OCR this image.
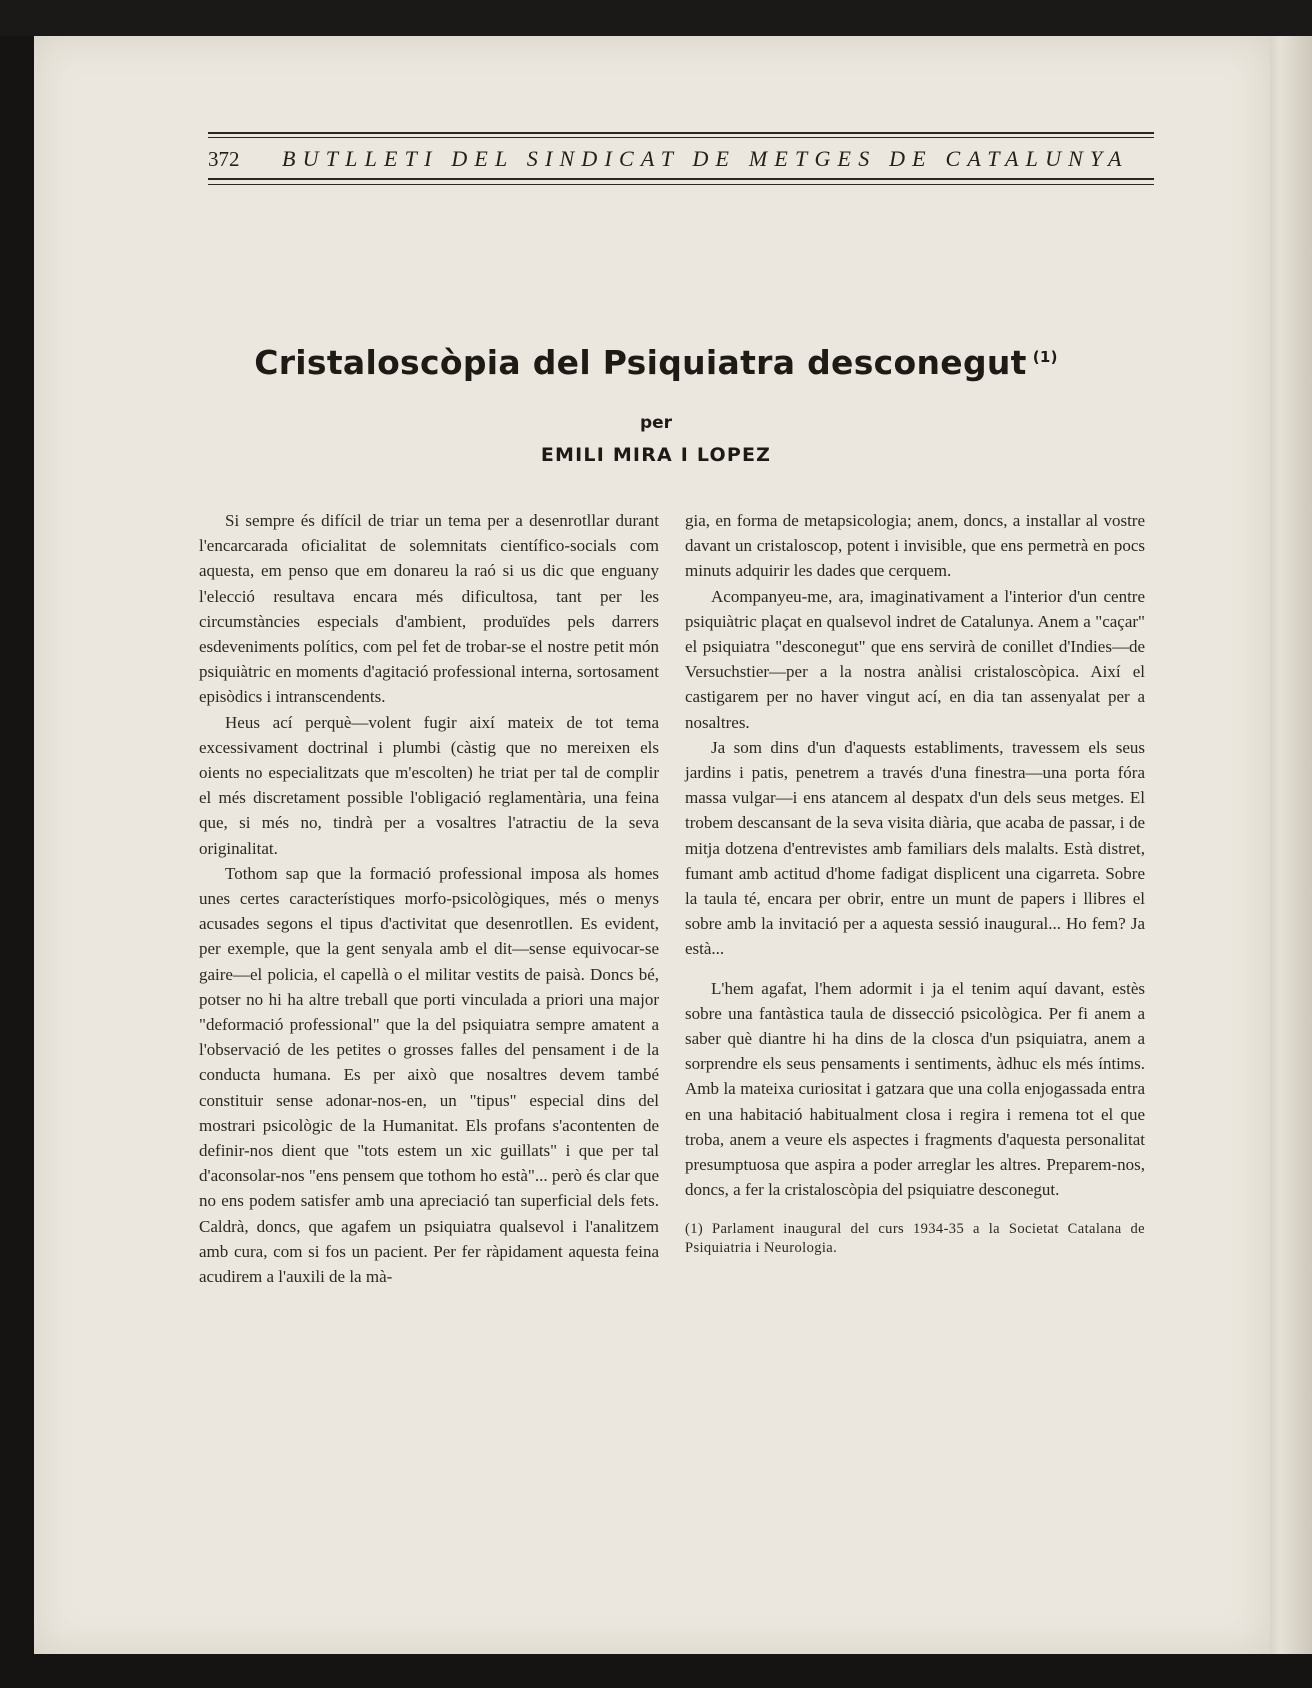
372	BUTLLETI DEL SINDICAT DE METGES DE CATALUNYA
Cristaloscòpia del Psiquiatra desconegut $^{(1)}$
per
EMILI MIRA I LOPEZ

Si sempre és difícil de triar un tema per a desenrotllar durant l'encarcarada oficialitat de solemnitats científico-socials com aquesta, em penso que em donareu la raó si us dic que enguany l'elecció resultava encara més dificultosa, tant per les circumstàncies especials d'ambient, produïdes pels darrers esdeveniments polítics, com pel fet de trobar-se el nostre petit món psiquiàtric en moments d'agitació professional interna, sortosament episòdics i intranscendents.

Heus ací perquè—volent fugir així mateix de tot tema excessivament doctrinal i plumbi (càstig que no mereixen els oients no especialitzats que m'escolten) he triat per tal de complir el més discretament possible l'obligació reglamentària, una feina que, si més no, tindrà per a vosaltres l'atractiu de la seva originalitat.

Tothom sap que la formació professional imposa als homes unes certes característiques morfo-psicològiques, més o menys acusades segons el tipus d'activitat que desenrotllen. Es evident, per exemple, que la gent senyala amb el dit—sense equivocar-se gaire—el policia, el capellà o el militar vestits de paisà. Doncs bé, potser no hi ha altre treball que porti vinculada a priori una major "deformació professional" que la del psiquiatra sempre amatent a l'observació de les petites o grosses falles del pensament i de la conducta humana. Es per això que nosaltres devem també constituir sense adonar-nos-en, un "tipus" especial dins del mostrari psicològic de la Humanitat. Els profans s'acontenten de definir-nos dient que "tots estem un xic guillats" i que per tal d'aconsolar-nos "ens pensem que tothom ho està"... però és clar que no ens podem satisfer amb una apreciació tan superficial dels fets. Caldrà, doncs, que agafem un psiquiatra qualsevol i l'analitzem amb cura, com si fos un pacient. Per fer ràpidament aquesta feina acudirem a l'auxili de la mà-

gia, en forma de metapsicologia; anem, doncs, a installar al vostre davant un cristaloscop, potent i invisible, que ens permetrà en pocs minuts adquirir les dades que cerquem.

Acompanyeu-me, ara, imaginativament a l'interior d'un centre psiquiàtric plaçat en qualsevol indret de Catalunya. Anem a "caçar" el psiquiatra "desconegut" que ens servirà de conillet d'Indies—de Versuchstier—per a la nostra anàlisi cristaloscòpica. Així el castigarem per no haver vingut ací, en dia tan assenyalat per a nosaltres.

Ja som dins d'un d'aquests establiments, travessem els seus jardins i patis, penetrem a través d'una finestra—una porta fóra massa vulgar—i ens atancem al despatx d'un dels seus metges. El trobem descansant de la seva visita diària, que acaba de passar, i de mitja dotzena d'entrevistes amb familiars dels malalts. Està distret, fumant amb actitud d'home fadigat displicent una cigarreta. Sobre la taula té, encara per obrir, entre un munt de papers i llibres el sobre amb la invitació per a aquesta sessió inaugural... Ho fem? Ja està...

L'hem agafat, l'hem adormit i ja el tenim aquí davant, estès sobre una fantàstica taula de dissecció psicològica. Per fi anem a saber què diantre hi ha dins de la closca d'un psiquiatra, anem a sorprendre els seus pensaments i sentiments, àdhuc els més íntims. Amb la mateixa curiositat i gatzara que una colla enjogassada entra en una habitació habitualment closa i regira i remena tot el que troba, anem a veure els aspectes i fragments d'aquesta personalitat presumptuosa que aspira a poder arreglar les altres. Preparem-nos, doncs, a fer la cristaloscòpia del psiquiatre desconegut.

(1) Parlament inaugural del curs 1934-35 a la Societat Catalana de Psiquiatria i Neurologia.
